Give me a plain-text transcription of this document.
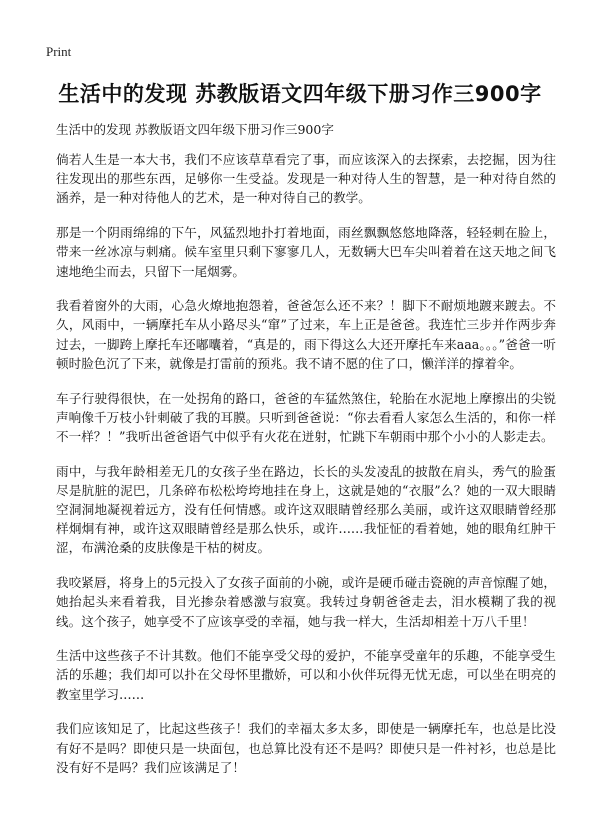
Print
生活中的发现 苏教版语文四年级下册习作三900字
生活中的发现 苏教版语文四年级下册习作三900字

倘若人生是一本大书，我们不应该草草看完了事，而应该深入的去探索，去挖掘，因为往往发现出的那些东西，足够你一生受益。发现是一种对待人生的智慧，是一种对待自然的涵养，是一种对待他人的艺术，是一种对待自己的教学。

那是一个阴雨绵绵的下午，风猛烈地扑打着地面，雨丝飘飘悠悠地降落，轻轻刺在脸上，带来一丝冰凉与刺痛。候车室里只剩下寥寥几人，无数辆大巴车尖叫着着在这天地之间飞速地绝尘而去，只留下一尾烟雾。

我看着窗外的大雨，心急火燎地抱怨着，爸爸怎么还不来？！脚下不耐烦地踱来踱去。不久，风雨中，一辆摩托车从小路尽头“窜”了过来，车上正是爸爸。我连忙三步并作两步奔过去，一脚跨上摩托车还嘟囔着，“真是的，雨下得这么大还开摩托车来aaa。。。”爸爸一听顿时脸色沉了下来，就像是打雷前的预兆。我不请不愿的住了口，懒洋洋的撑着伞。

车子行驶得很快，在一处拐角的路口，爸爸的车猛然煞住，轮胎在水泥地上摩擦出的尖锐声响像千万枝小针刺破了我的耳膜。只听到爸爸说：“你去看看人家怎么生活的，和你一样不一样？！”我听出爸爸语气中似乎有火花在迸射，忙跳下车朝雨中那个小小的人影走去。

雨中，与我年龄相差无几的女孩子坐在路边，长长的头发凌乱的披散在肩头，秀气的脸蛋尽是肮脏的泥巴，几条碎布松松垮垮地挂在身上，这就是她的“衣服”么？她的一双大眼睛空洞洞地凝视着远方，没有任何情感。或许这双眼睛曾经那么美丽，或许这双眼睛曾经那样炯炯有神，或许这双眼睛曾经是那么快乐，或许……我怔怔的看着她，她的眼角红肿干涩，布满沧桑的皮肤像是干枯的树皮。

我咬紧唇，将身上的5元投入了女孩子面前的小碗，或许是硬币碰击瓷碗的声音惊醒了她，她抬起头来看着我，目光掺杂着感激与寂寞。我转过身朝爸爸走去，泪水模糊了我的视线。这个孩子，她享受不了应该享受的幸福，她与我一样大，生活却相差十万八千里！

生活中这些孩子不计其数。他们不能享受父母的爱护，不能享受童年的乐趣，不能享受生活的乐趣；我们却可以扑在父母怀里撒娇，可以和小伙伴玩得无忧无虑，可以坐在明亮的教室里学习……

我们应该知足了，比起这些孩子！我们的幸福太多太多，即使是一辆摩托车，也总是比没有好不是吗？即使只是一块面包，也总算比没有还不是吗？即使只是一件衬衫，也总是比没有好不是吗？我们应该满足了！
